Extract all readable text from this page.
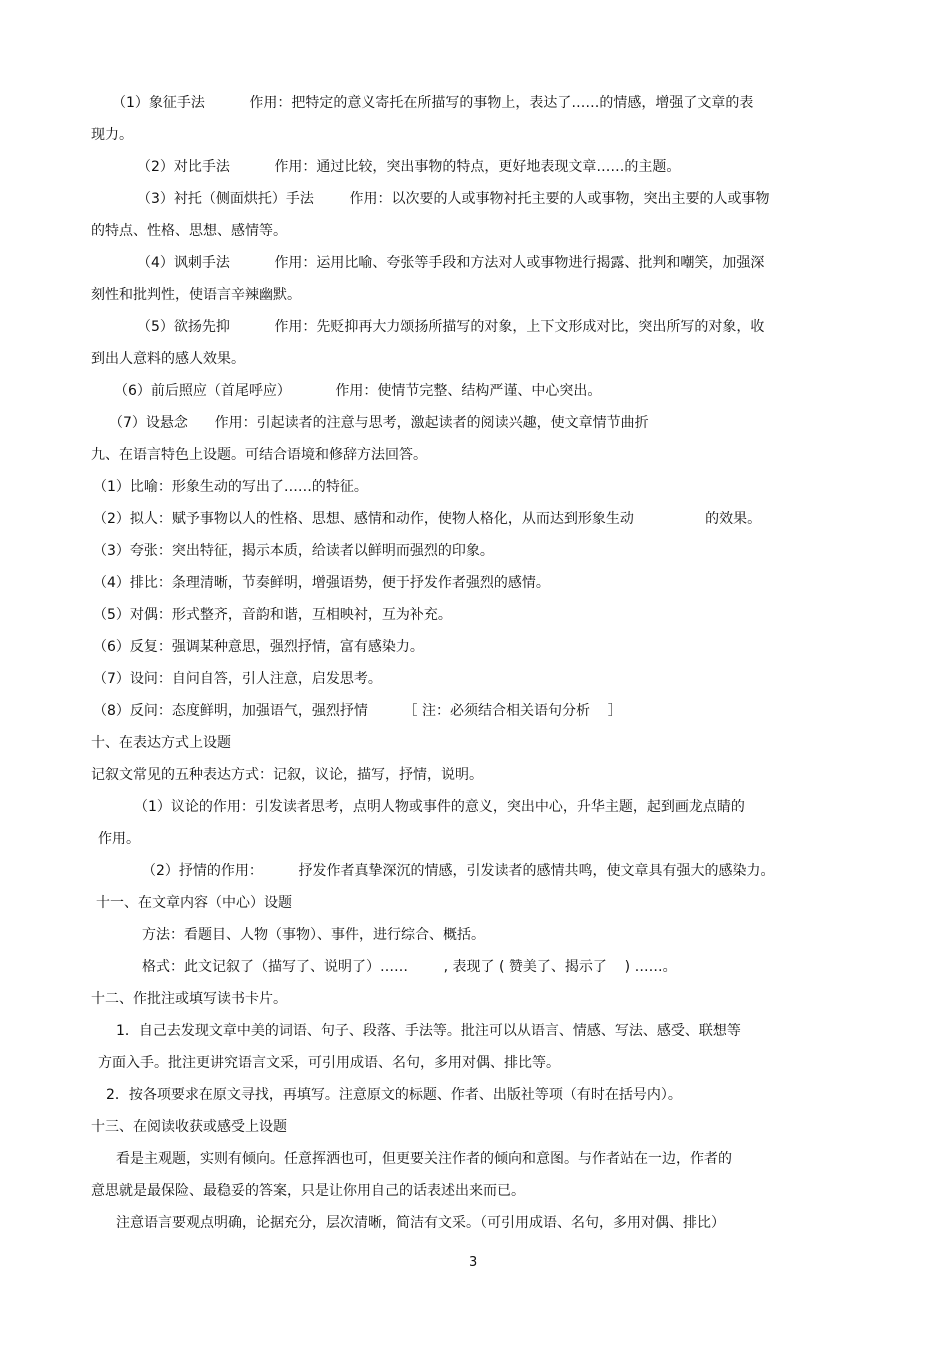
（1）象征手法          作用：把特定的意义寄托在所描写的事物上，表达了……的情感，增强了文章的表
现力。
（2）对比手法          作用：通过比较，突出事物的特点，更好地表现文章……的主题。
（3）衬托（侧面烘托）手法        作用：以次要的人或事物衬托主要的人或事物，突出主要的人或事物
的特点、性格、思想、感情等。
（4）讽刺手法          作用：运用比喻、夸张等手段和方法对人或事物进行揭露、批判和嘲笑，加强深
刻性和批判性，使语言辛辣幽默。
（5）欲扬先抑          作用：先贬抑再大力颂扬所描写的对象，上下文形成对比，突出所写的对象，收
到出人意料的感人效果。
（6）前后照应（首尾呼应）          作用：使情节完整、结构严谨、中心突出。
（7）设悬念      作用：引起读者的注意与思考，激起读者的阅读兴趣，使文章情节曲折
九、在语言特色上设题。可结合语境和修辞方法回答。
（1）比喻：形象生动的写出了……的特征。
（2）拟人：赋予事物以人的性格、思想、感情和动作，使物人格化，从而达到形象生动                的效果。
（3）夸张：突出特征，揭示本质，给读者以鲜明而强烈的印象。
（4）排比：条理清晰，节奏鲜明，增强语势，便于抒发作者强烈的感情。
（5）对偶：形式整齐，音韵和谐，互相映衬，互为补充。
（6）反复：强调某种意思，强烈抒情，富有感染力。
（7）设问：自问自答，引人注意，启发思考。
（8）反问：态度鲜明，加强语气，强烈抒情        ［ 注：必须结合相关语句分析    ］
十、在表达方式上设题
记叙文常见的五种表达方式：记叙，议论，描写，抒情，说明。
（1）议论的作用：引发读者思考，点明人物或事件的意义，突出中心，升华主题，起到画龙点睛的
作用。
（2）抒情的作用：        抒发作者真挚深沉的情感，引发读者的感情共鸣，使文章具有强大的感染力。
十一、在文章内容（中心）设题
方法：看题目、人物（事物）、事件，进行综合、概括。
格式：此文记叙了（描写了、说明了）……        , 表现了 ( 赞美了、揭示了    ) ……。
十二、作批注或填写读书卡片。
1．自己去发现文章中美的词语、句子、段落、手法等。批注可以从语言、情感、写法、感受、联想等
方面入手。批注更讲究语言文采，可引用成语、名句，多用对偶、排比等。
2．按各项要求在原文寻找，再填写。注意原文的标题、作者、出版社等项（有时在括号内）。
十三、在阅读收获或感受上设题
看是主观题，实则有倾向。任意挥洒也可，但更要关注作者的倾向和意图。与作者站在一边，作者的
意思就是最保险、最稳妥的答案，只是让你用自己的话表述出来而已。
注意语言要观点明确，论据充分，层次清晰，简洁有文采。（可引用成语、名句，多用对偶、排比）
3
